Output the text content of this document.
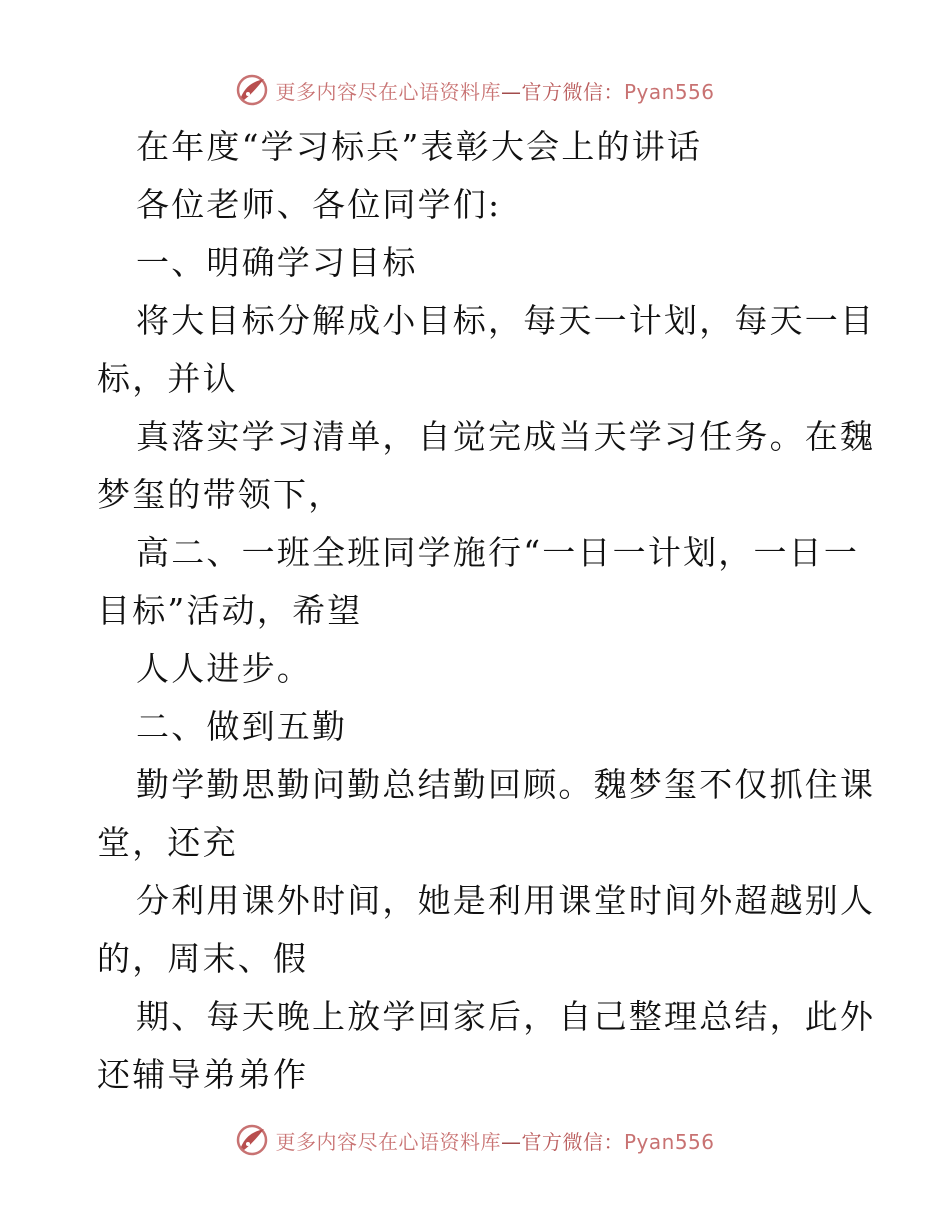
更多内容尽在心语资料库—官方微信：Pyan556
在年度“学习标兵”表彰大会上的讲话
各位老师、各位同学们:
一、明确学习目标
将大目标分解成小目标，每天一计划，每天一目
标，并认
真落实学习清单，自觉完成当天学习任务。在魏
梦玺的带领下，
高二、一班全班同学施行“一日一计划，一日一
目标”活动，希望
人人进步。
二、做到五勤
勤学勤思勤问勤总结勤回顾。魏梦玺不仅抓住课
堂，还充
分利用课外时间，她是利用课堂时间外超越别人
的，周末、假
期、每天晚上放学回家后，自己整理总结，此外
还辅导弟弟作
更多内容尽在心语资料库—官方微信：Pyan556
